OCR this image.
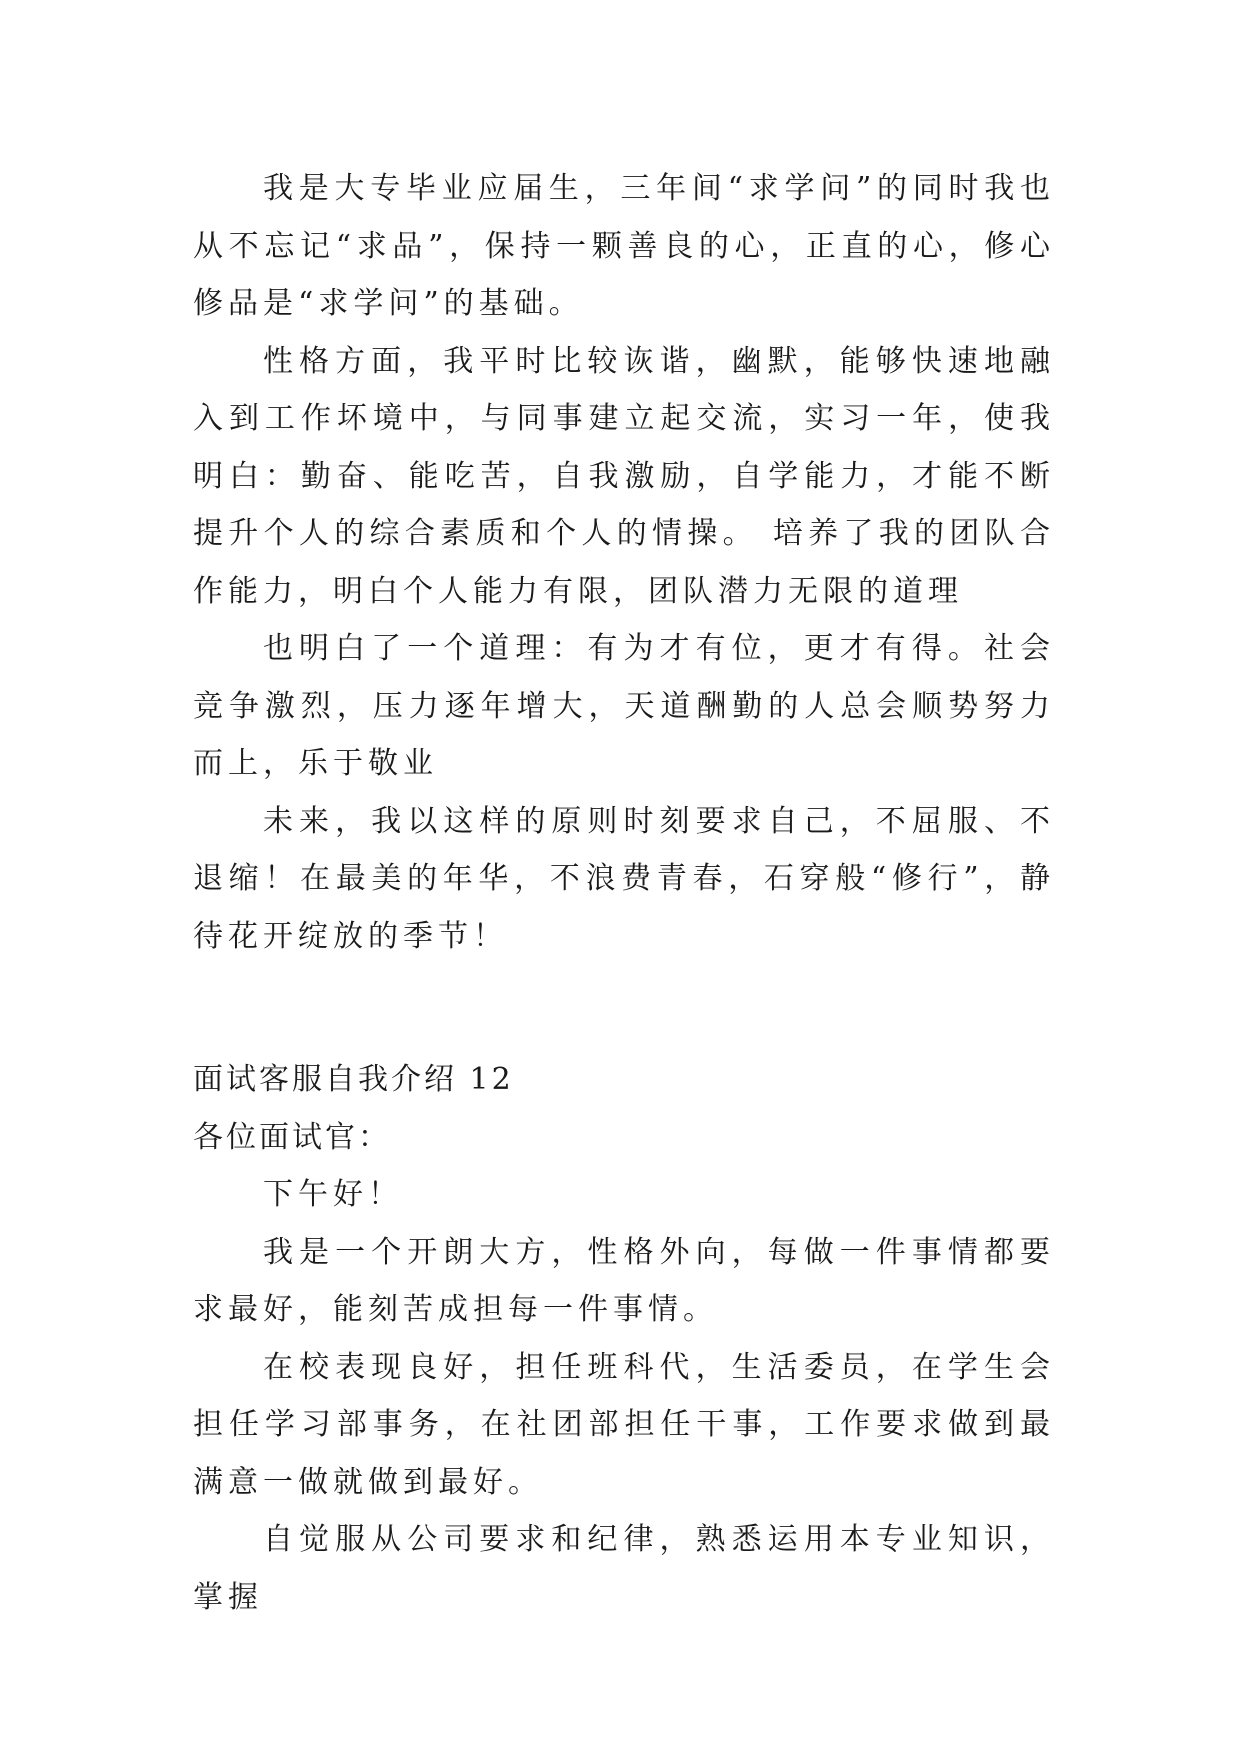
我是大专毕业应届生，三年间“求学问”的同时我也从不忘记“求品”，保持一颗善良的心，正直的心，修心修品是“求学问”的基础。

性格方面，我平时比较诙谐，幽默，能够快速地融入到工作坏境中，与同事建立起交流，实习一年，使我明白：勤奋、能吃苦，自我激励，自学能力，才能不断提升个人的综合素质和个人的情操。 培养了我的团队合作能力，明白个人能力有限，团队潜力无限的道理

也明白了一个道理：有为才有位，更才有得。社会竞争激烈，压力逐年增大，天道酬勤的人总会顺势努力而上，乐于敬业

未来，我以这样的原则时刻要求自己，不屈服、不退缩！在最美的年华，不浪费青春，石穿般“修行”，静待花开绽放的季节！

面试客服自我介绍 12

各位面试官：

下午好！

我是一个开朗大方，性格外向，每做一件事情都要求最好，能刻苦成担每一件事情。

在校表现良好，担任班科代，生活委员，在学生会担任学习部事务，在社团部担任干事，工作要求做到最满意一做就做到最好。

自觉服从公司要求和纪律，熟悉运用本专业知识，掌握
